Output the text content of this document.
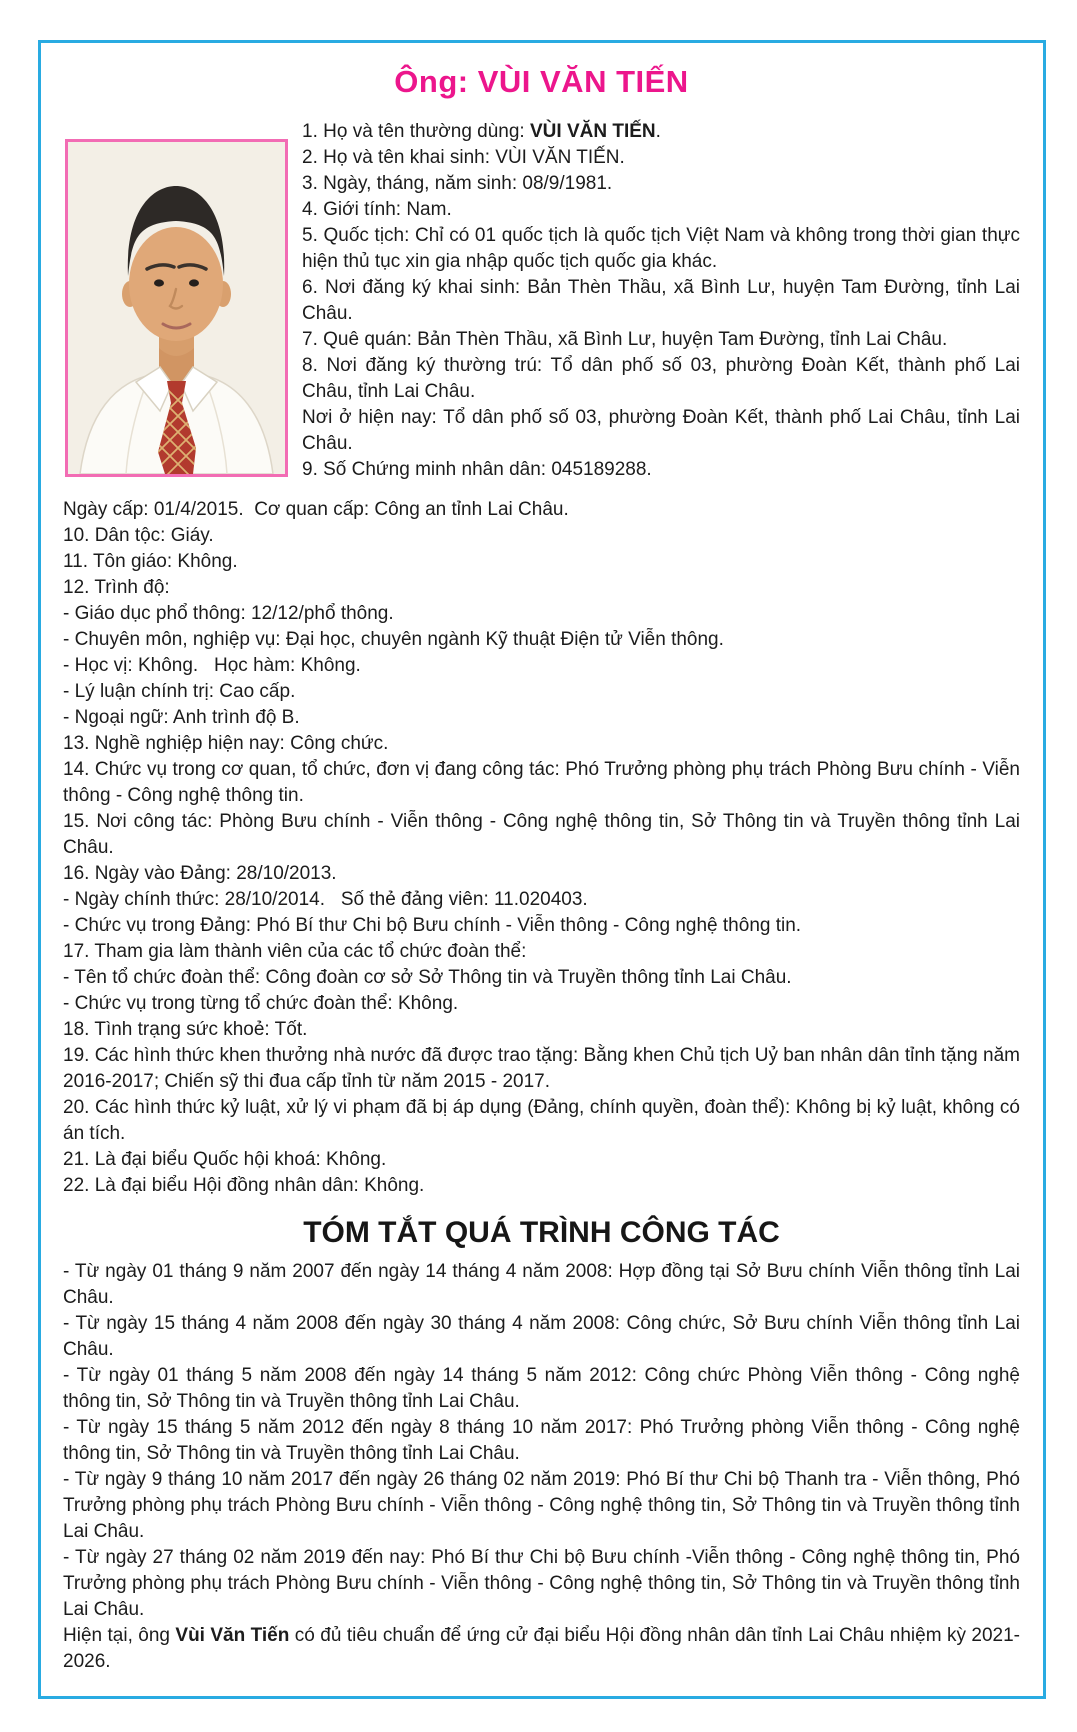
Ông: VÙI VĂN TIẾN

1. Họ và tên thường dùng: VÙI VĂN TIẾN.

2. Họ và tên khai sinh: VÙI VĂN TIẾN.

3. Ngày, tháng, năm sinh: 08/9/1981.

4. Giới tính: Nam.

5. Quốc tịch: Chỉ có 01 quốc tịch là quốc tịch Việt Nam và không trong thời gian thực hiện thủ tục xin gia nhập quốc tịch quốc gia khác.

6. Nơi đăng ký khai sinh: Bản Thèn Thầu, xã Bình Lư, huyện Tam Đường, tỉnh Lai Châu.

7. Quê quán: Bản Thèn Thầu, xã Bình Lư, huyện Tam Đường, tỉnh Lai Châu.

8. Nơi đăng ký thường trú: Tổ dân phố số 03, phường Đoàn Kết, thành phố Lai Châu, tỉnh Lai Châu.

Nơi ở hiện nay: Tổ dân phố số 03, phường Đoàn Kết, thành phố Lai Châu, tỉnh Lai Châu.

9. Số Chứng minh nhân dân: 045189288.

Ngày cấp: 01/4/2015.  Cơ quan cấp: Công an tỉnh Lai Châu.

10. Dân tộc: Giáy.

11. Tôn giáo: Không.

12. Trình độ:

- Giáo dục phổ thông: 12/12/phổ thông.

- Chuyên môn, nghiệp vụ: Đại học, chuyên ngành Kỹ thuật Điện tử Viễn thông.

- Học vị: Không.   Học hàm: Không.

- Lý luận chính trị: Cao cấp.

- Ngoại ngữ: Anh trình độ B.

13. Nghề nghiệp hiện nay: Công chức.

14. Chức vụ trong cơ quan, tổ chức, đơn vị đang công tác: Phó Trưởng phòng phụ trách Phòng Bưu chính - Viễn thông - Công nghệ thông tin.

15. Nơi công tác: Phòng Bưu chính - Viễn thông - Công nghệ thông tin, Sở Thông tin và Truyền thông tỉnh Lai Châu.

16. Ngày vào Đảng: 28/10/2013.

- Ngày chính thức: 28/10/2014.   Số thẻ đảng viên: 11.020403.

- Chức vụ trong Đảng: Phó Bí thư Chi bộ Bưu chính - Viễn thông - Công nghệ thông tin.

17. Tham gia làm thành viên của các tổ chức đoàn thể:

- Tên tổ chức đoàn thể: Công đoàn cơ sở Sở Thông tin và Truyền thông tỉnh Lai Châu.

- Chức vụ trong từng tổ chức đoàn thể: Không.

18. Tình trạng sức khoẻ: Tốt.

19. Các hình thức khen thưởng nhà nước đã được trao tặng: Bằng khen Chủ tịch Uỷ ban nhân dân tỉnh tặng năm 2016-2017; Chiến sỹ thi đua cấp tỉnh từ năm 2015 - 2017.

20. Các hình thức kỷ luật, xử lý vi phạm đã bị áp dụng (Đảng, chính quyền, đoàn thể): Không bị kỷ luật, không có án tích.

21. Là đại biểu Quốc hội khoá: Không.

22. Là đại biểu Hội đồng nhân dân: Không.

TÓM TẮT QUÁ TRÌNH CÔNG TÁC

- Từ ngày 01 tháng 9 năm 2007 đến ngày 14 tháng 4 năm 2008: Hợp đồng tại Sở Bưu chính Viễn thông tỉnh Lai Châu.

- Từ ngày 15 tháng 4 năm 2008 đến ngày 30 tháng 4 năm 2008: Công chức, Sở Bưu chính Viễn thông tỉnh Lai Châu.

- Từ ngày 01 tháng 5 năm 2008 đến ngày 14 tháng 5 năm 2012: Công chức Phòng Viễn thông - Công nghệ thông tin, Sở Thông tin và Truyền thông tỉnh Lai Châu.

- Từ ngày 15 tháng 5 năm 2012 đến ngày 8 tháng 10 năm 2017: Phó Trưởng phòng Viễn thông - Công nghệ thông tin, Sở Thông tin và Truyền thông tỉnh Lai Châu.

- Từ ngày 9 tháng 10 năm 2017 đến ngày 26 tháng 02 năm 2019: Phó Bí thư Chi bộ Thanh tra - Viễn thông, Phó Trưởng phòng phụ trách Phòng Bưu chính - Viễn thông - Công nghệ thông tin, Sở Thông tin và Truyền thông tỉnh Lai Châu.

- Từ ngày 27 tháng 02 năm 2019 đến nay: Phó Bí thư Chi bộ Bưu chính -Viễn thông - Công nghệ thông tin, Phó Trưởng phòng phụ trách Phòng Bưu chính - Viễn thông - Công nghệ thông tin, Sở Thông tin và Truyền thông tỉnh Lai Châu.

Hiện tại, ông Vùi Văn Tiến có đủ tiêu chuẩn để ứng cử đại biểu Hội đồng nhân dân tỉnh Lai Châu nhiệm kỳ 2021-2026.
